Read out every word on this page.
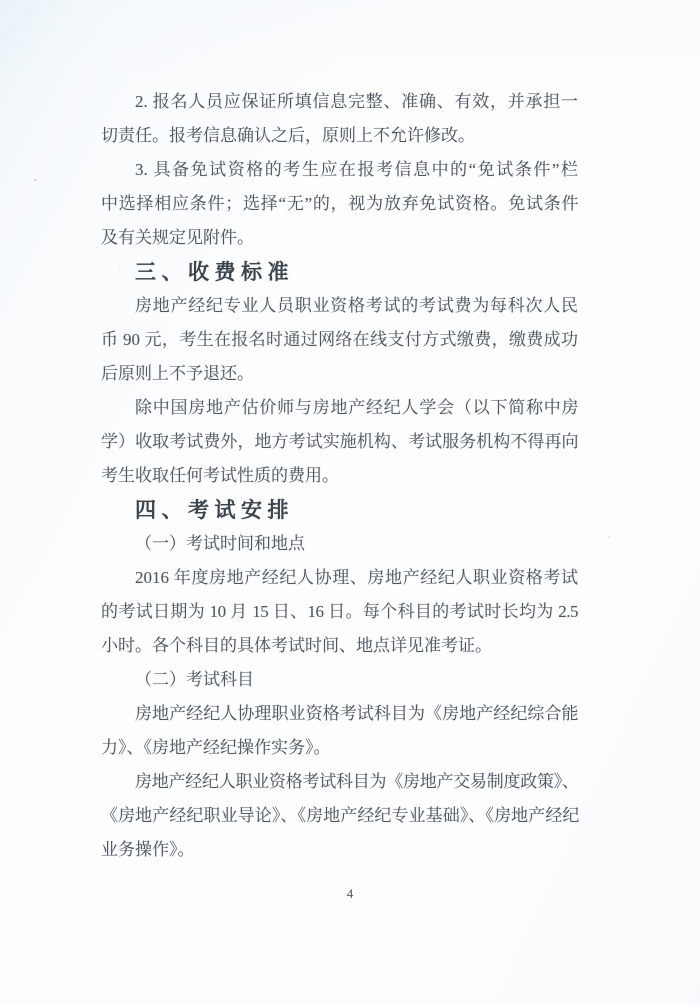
2. 报名人员应保证所填信息完整、准确、有效，并承担一
切责任。报考信息确认之后，原则上不允许修改。
3. 具备免试资格的考生应在报考信息中的“免试条件”栏
中选择相应条件；选择“无”的，视为放弃免试资格。免试条件
及有关规定见附件。
三、收费标准
房地产经纪专业人员职业资格考试的考试费为每科次人民
币 90 元，考生在报名时通过网络在线支付方式缴费，缴费成功
后原则上不予退还。
除中国房地产估价师与房地产经纪人学会（以下简称中房
学）收取考试费外，地方考试实施机构、考试服务机构不得再向
考生收取任何考试性质的费用。
四、考试安排
（一）考试时间和地点
2016 年度房地产经纪人协理、房地产经纪人职业资格考试
的考试日期为 10 月 15 日、16 日。每个科目的考试时长均为 2.5
小时。各个科目的具体考试时间、地点详见准考证。
（二）考试科目
房地产经纪人协理职业资格考试科目为《房地产经纪综合能
力》、《房地产经纪操作实务》。
房地产经纪人职业资格考试科目为《房地产交易制度政策》、
《房地产经纪职业导论》、《房地产经纪专业基础》、《房地产经纪
业务操作》。
4
